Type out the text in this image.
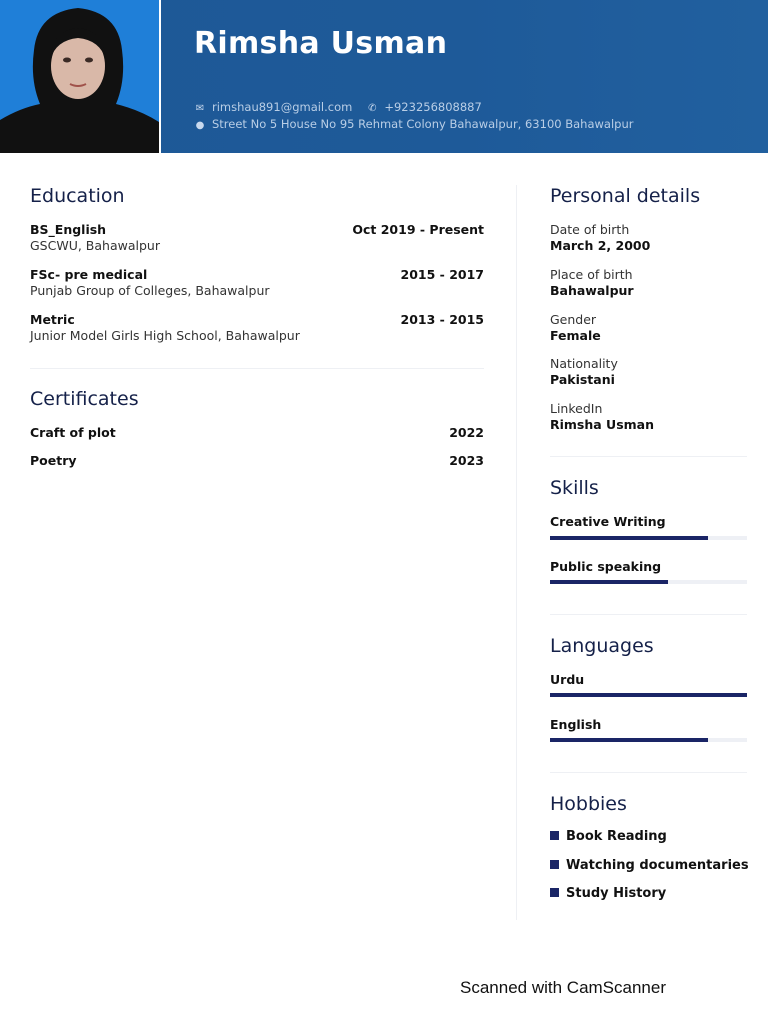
Rimsha Usman
✉ rimshau891@gmail.com ✆ +923256808887
● Street No 5 House No 95 Rehmat Colony Bahawalpur, 63100 Bahawalpur
Education
BS_English	Oct 2019 - Present
GSCWU, Bahawalpur
FSc- pre medical	2015 - 2017
Punjab Group of Colleges, Bahawalpur
Metric	2013 - 2015
Junior Model Girls High School, Bahawalpur
Certificates
Craft of plot	2022
Poetry	2023
Personal details
Date of birth
March 2, 2000
Place of birth
Bahawalpur
Gender
Female
Nationality
Pakistani
LinkedIn
Rimsha Usman
Skills
Creative Writing
Public speaking
Languages
Urdu
English
Hobbies
Book Reading
Watching documentaries
Study History
Scanned with CamScanner
